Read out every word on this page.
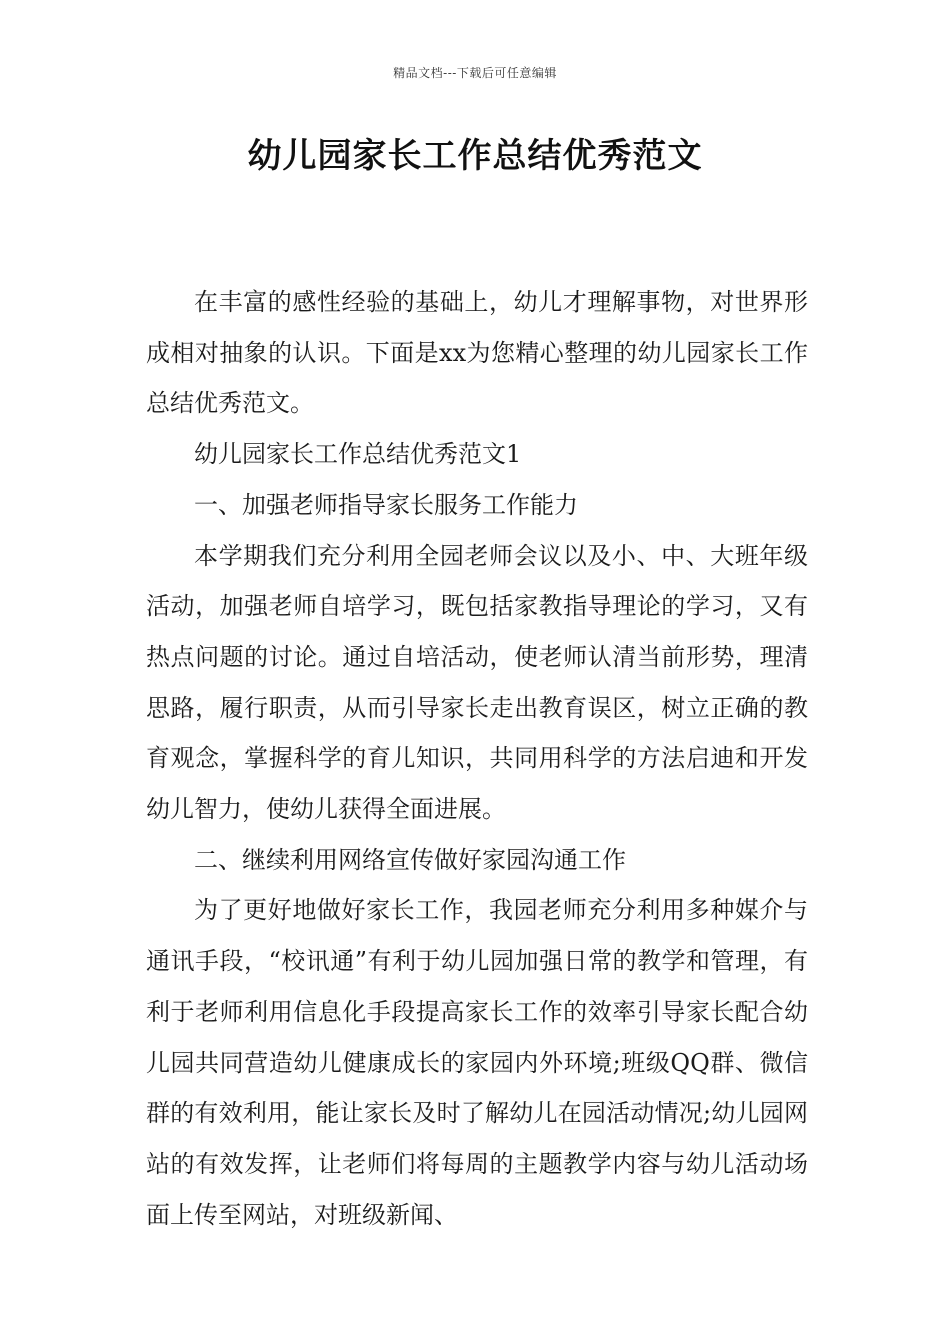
精品文档---下载后可任意编辑
幼儿园家长工作总结优秀范文

在丰富的感性经验的基础上，幼儿才理解事物，对世界形成相对抽象的认识。下面是xx为您精心整理的幼儿园家长工作总结优秀范文。

幼儿园家长工作总结优秀范文1

一、加强老师指导家长服务工作能力

本学期我们充分利用全园老师会议以及小、中、大班年级活动，加强老师自培学习，既包括家教指导理论的学习，又有热点问题的讨论。通过自培活动，使老师认清当前形势，理清思路，履行职责，从而引导家长走出教育误区，树立正确的教育观念，掌握科学的育儿知识，共同用科学的方法启迪和开发幼儿智力，使幼儿获得全面进展。

二、继续利用网络宣传做好家园沟通工作

为了更好地做好家长工作，我园老师充分利用多种媒介与通讯手段，“校讯通”有利于幼儿园加强日常的教学和管理，有利于老师利用信息化手段提高家长工作的效率引导家长配合幼儿园共同营造幼儿健康成长的家园内外环境;班级QQ群、微信群的有效利用，能让家长及时了解幼儿在园活动情况;幼儿园网站的有效发挥，让老师们将每周的主题教学内容与幼儿活动场面上传至网站，对班级新闻、
